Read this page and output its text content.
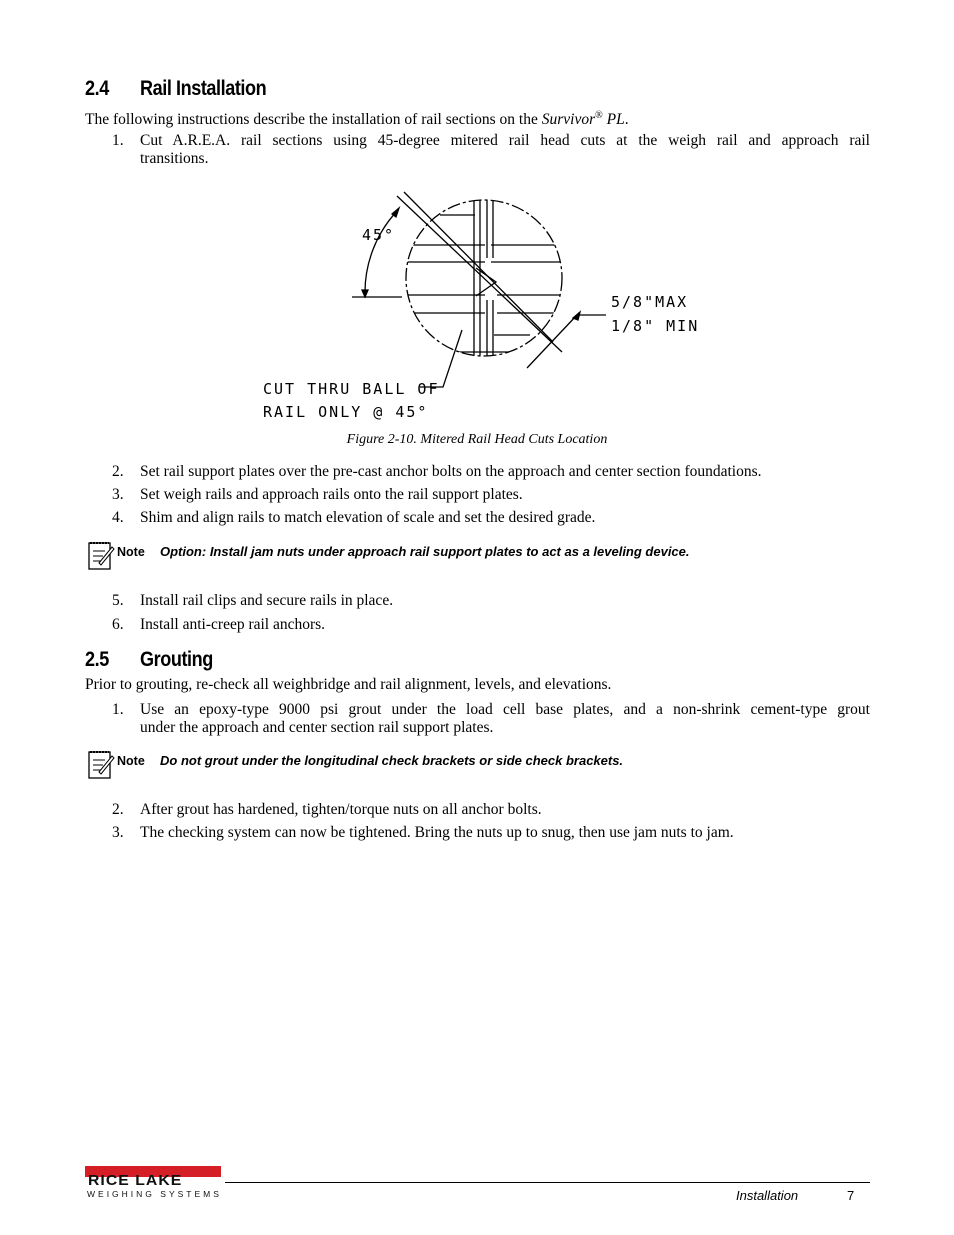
2.4 Rail Installation
The following instructions describe the installation of rail sections on the Survivor® PL.
1. Cut A.R.E.A. rail sections using 45-degree mitered rail head cuts at the weigh rail and approach rail
transitions.
45°
5/8"MAX
1/8" MIN
CUT THRU BALL OF
RAIL ONLY @ 45°
Figure 2-10. Mitered Rail Head Cuts Location
2. Set rail support plates over the pre-cast anchor bolts on the approach and center section foundations.
3. Set weigh rails and approach rails onto the rail support plates.
4. Shim and align rails to match elevation of scale and set the desired grade.
Note Option: Install jam nuts under approach rail support plates to act as a leveling device.
5. Install rail clips and secure rails in place.
6. Install anti-creep rail anchors.
2.5 Grouting
Prior to grouting, re-check all weighbridge and rail alignment, levels, and elevations.
1. Use an epoxy-type 9000 psi grout under the load cell base plates, and a non-shrink cement-type grout
under the approach and center section rail support plates.
Note Do not grout under the longitudinal check brackets or side check brackets.
2. After grout has hardened, tighten/torque nuts on all anchor bolts.
3. The checking system can now be tightened. Bring the nuts up to snug, then use jam nuts to jam.
RICE LAKE
WEIGHING SYSTEMS	Installation	7
